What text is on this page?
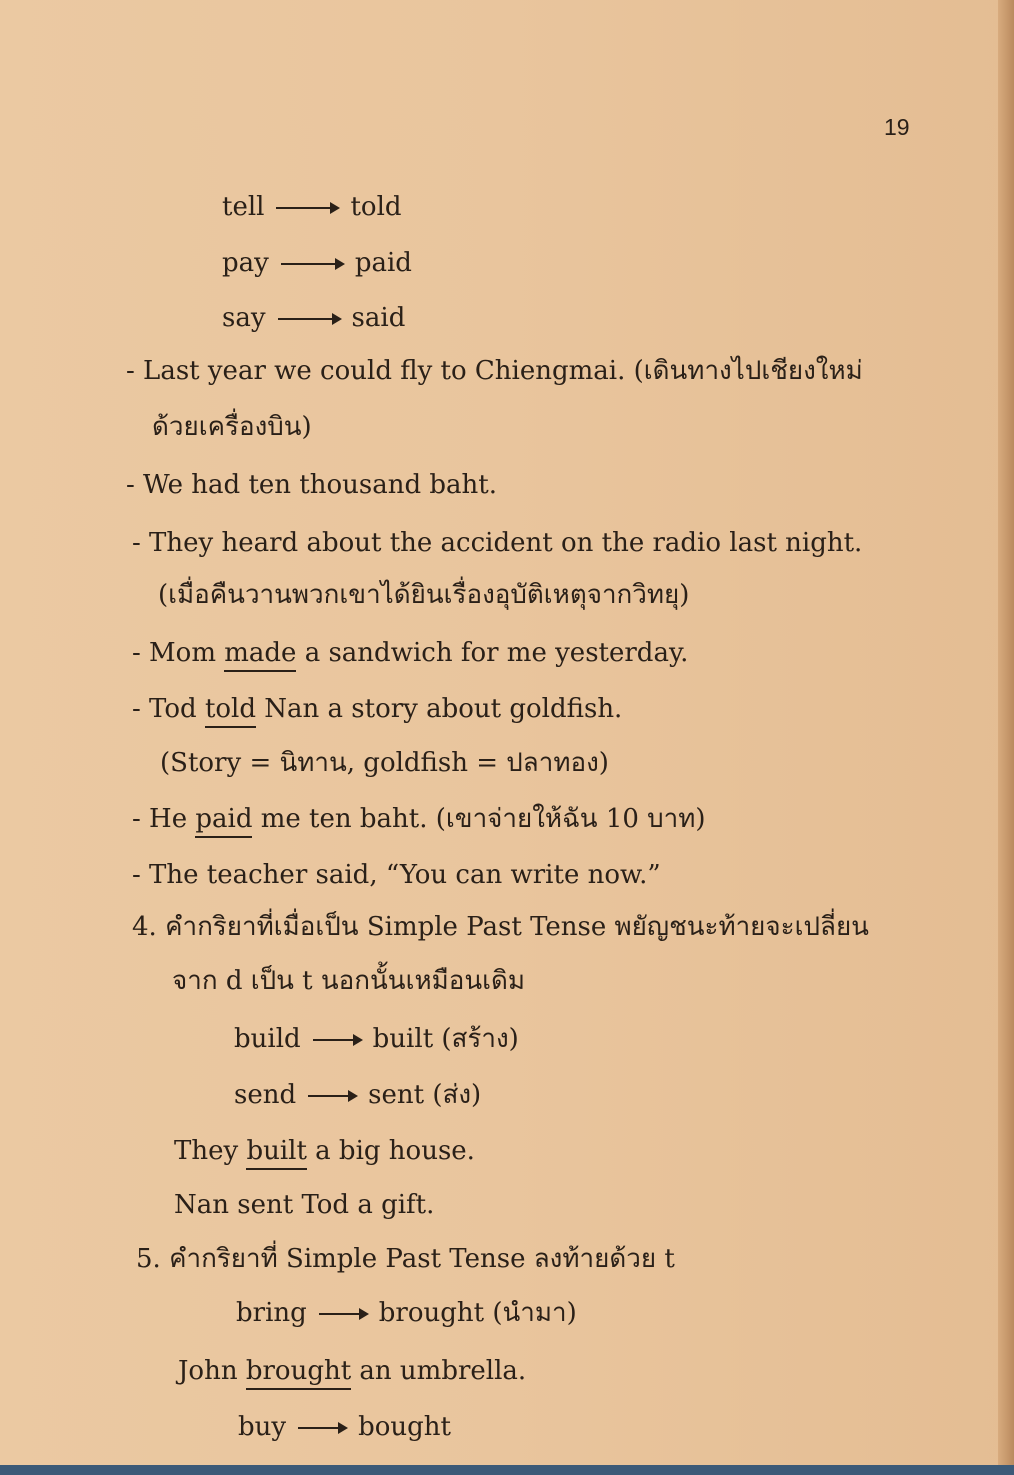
19
tell	told
pay	paid
say	said
- Last year we could fly to Chiengmai. (เดินทางไปเชียงใหม่
ด้วยเครื่องบิน)
- We had ten thousand baht.
- They heard about the accident on the radio last night.
(เมื่อคืนวานพวกเขาได้ยินเรื่องอุบัติเหตุจากวิทยุ)
- Mom made a sandwich for me yesterday.
- Tod told Nan a story about goldfish.
(Story = นิทาน, goldfish = ปลาทอง)
- He paid me ten baht. (เขาจ่ายให้ฉัน 10 บาท)
- The teacher said, “You can write now.”
4. คำกริยาที่เมื่อเป็น Simple Past Tense พยัญชนะท้ายจะเปลี่ยน
จาก d เป็น t นอกนั้นเหมือนเดิม
build	built (สร้าง)
send	sent (ส่ง)
They built a big house.
Nan sent Tod a gift.
5. คำกริยาที่ Simple Past Tense ลงท้ายด้วย t
bring	brought (นำมา)
John brought an umbrella.
buy	bought
